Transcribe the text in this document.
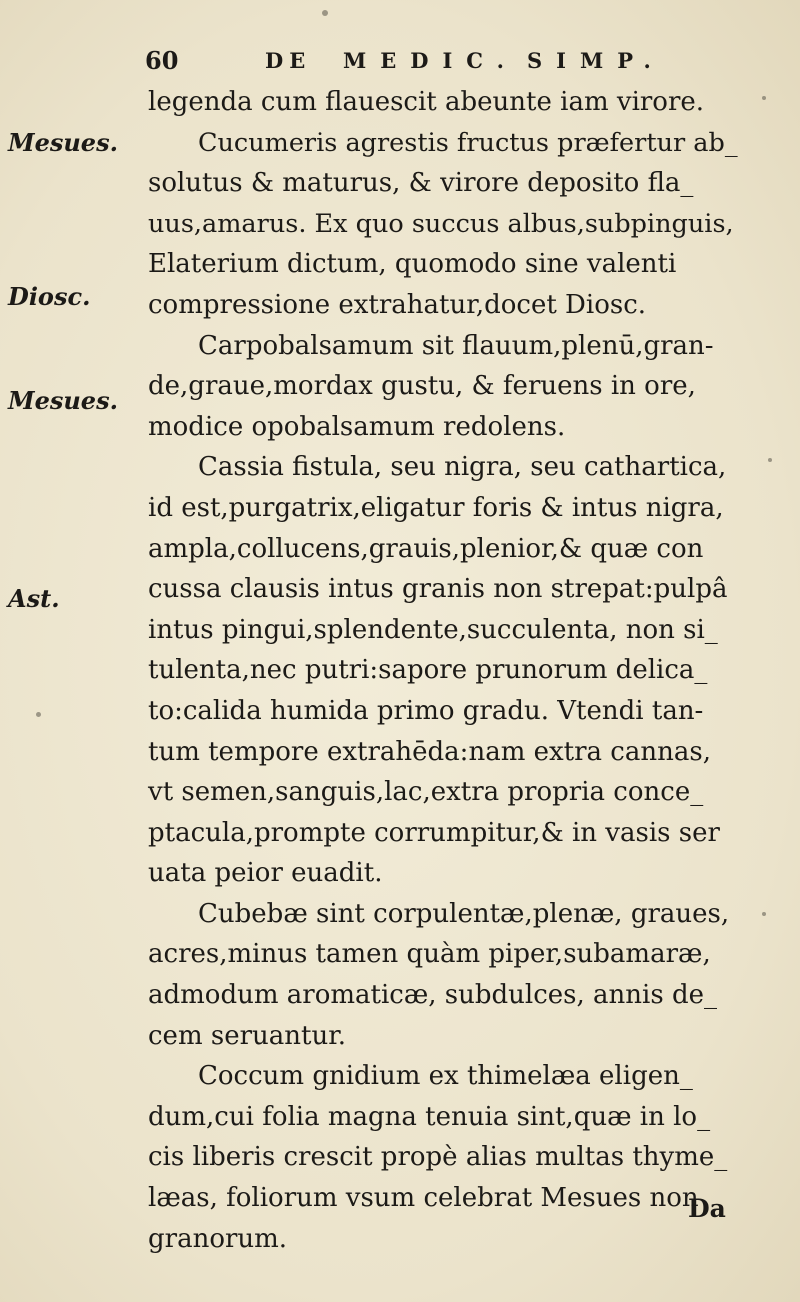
60	DE MEDIC. SIMP.
Mesues.
Diosc.
Mesues.
Ast.
legenda cum flauescit abeunte iam virore.
Cucumeris agrestis fructus præfertur ab_
solutus & maturus, & virore deposito fla_
uus,amarus. Ex quo succus albus,subpinguis,
Elaterium dictum, quomodo sine valenti
compressione extrahatur,docet Diosc.
Carpobalsamum sit flauum,plenū,gran-
de,graue,mordax gustu, & feruens in ore,
modice opobalsamum redolens.
Cassia fistula, seu nigra, seu cathartica,
id est,purgatrix,eligatur foris & intus nigra,
ampla,collucens,grauis,plenior,& quæ con
cussa clausis intus granis non strepat:pulpâ
intus pingui,splendente,succulenta, non si_
tulenta,nec putri:sapore prunorum delica_
to:calida humida primo gradu. Vtendi tan-
tum tempore extrahēda:nam extra cannas,
vt semen,sanguis,lac,extra propria conce_
ptacula,prompte corrumpitur,& in vasis ser
uata peior euadit.
Cubebæ sint corpulentæ,plenæ, graues,
acres,minus tamen quàm piper,subamaræ,
admodum aromaticæ, subdulces, annis de_
cem seruantur.
Coccum gnidium ex thimelæa eligen_
dum,cui folia magna tenuia sint,quæ in lo_
cis liberis crescit propè alias multas thyme_
læas, foliorum vsum celebrat Mesues non
granorum.
Da
